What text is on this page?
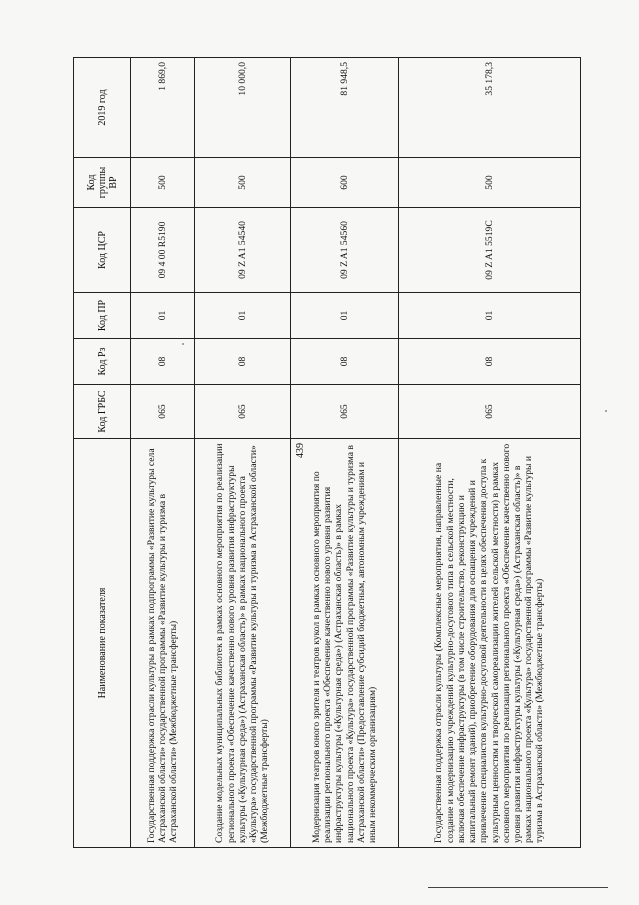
439
Наименование показателя	Код ГРБС	Код Рз	Код ПР	Код ЦСР	Код группы ВР	2019 год
Государственная поддержка отрасли культуры в рамках подпрограммы «Развитие культуры села Астраханской области» государственной программы «Развитие культуры и туризма в Астраханской области» (Межбюджетные трансферты)	065	08	01	09 4 00 R5190	500	1 869,0
Создание модельных муниципальных библиотек в рамках основного мероприятия по реализации регионального проекта «Обеспечение качественно нового уровня развития инфраструктуры культуры («Культурная среда») (Астраханская область)» в рамках национального проекта «Культура» государственной программы «Развитие культуры и туризма в Астраханской области» (Межбюджетные трансферты)	065	08	01	09 Z A1 54540	500	10 000,0
Модернизация театров юного зрителя и театров кукол в рамках основного мероприятия по реализации регионального проекта «Обеспечение качественно нового уровня развития инфраструктуры культуры («Культурная среда») (Астраханская область)» в рамках национального проекта «Культура» государственной программы «Развитие культуры и туризма в Астраханской области» (Предоставление субсидий бюджетным, автономным учреждениям и иным некоммерческим организациям)	065	08	01	09 Z A1 54560	600	81 948,5
Государственная поддержка отрасли культуры (Комплексные мероприятия, направленные на создание и модернизацию учреждений культурно-досугового типа в сельской местности, включая обеспечение инфраструктуры (в том числе строительство, реконструкцию и капитальный ремонт зданий), приобретение оборудования для оснащения учреждений и привлечение специалистов культурно-досуговой деятельности в целях обеспечения доступа к культурным ценностям и творческой самореализации жителей сельской местности) в рамках основного мероприятия по реализации регионального проекта «Обеспечение качественно нового уровня развития инфраструктуры культуры («Культурная среда») (Астраханская область)» в рамках национального проекта «Культура» государственной программы «Развитие культуры и туризма в Астраханской области» (Межбюджетные трансферты)	065	08	01	09 Z A1 5519C	500	35 178,3
